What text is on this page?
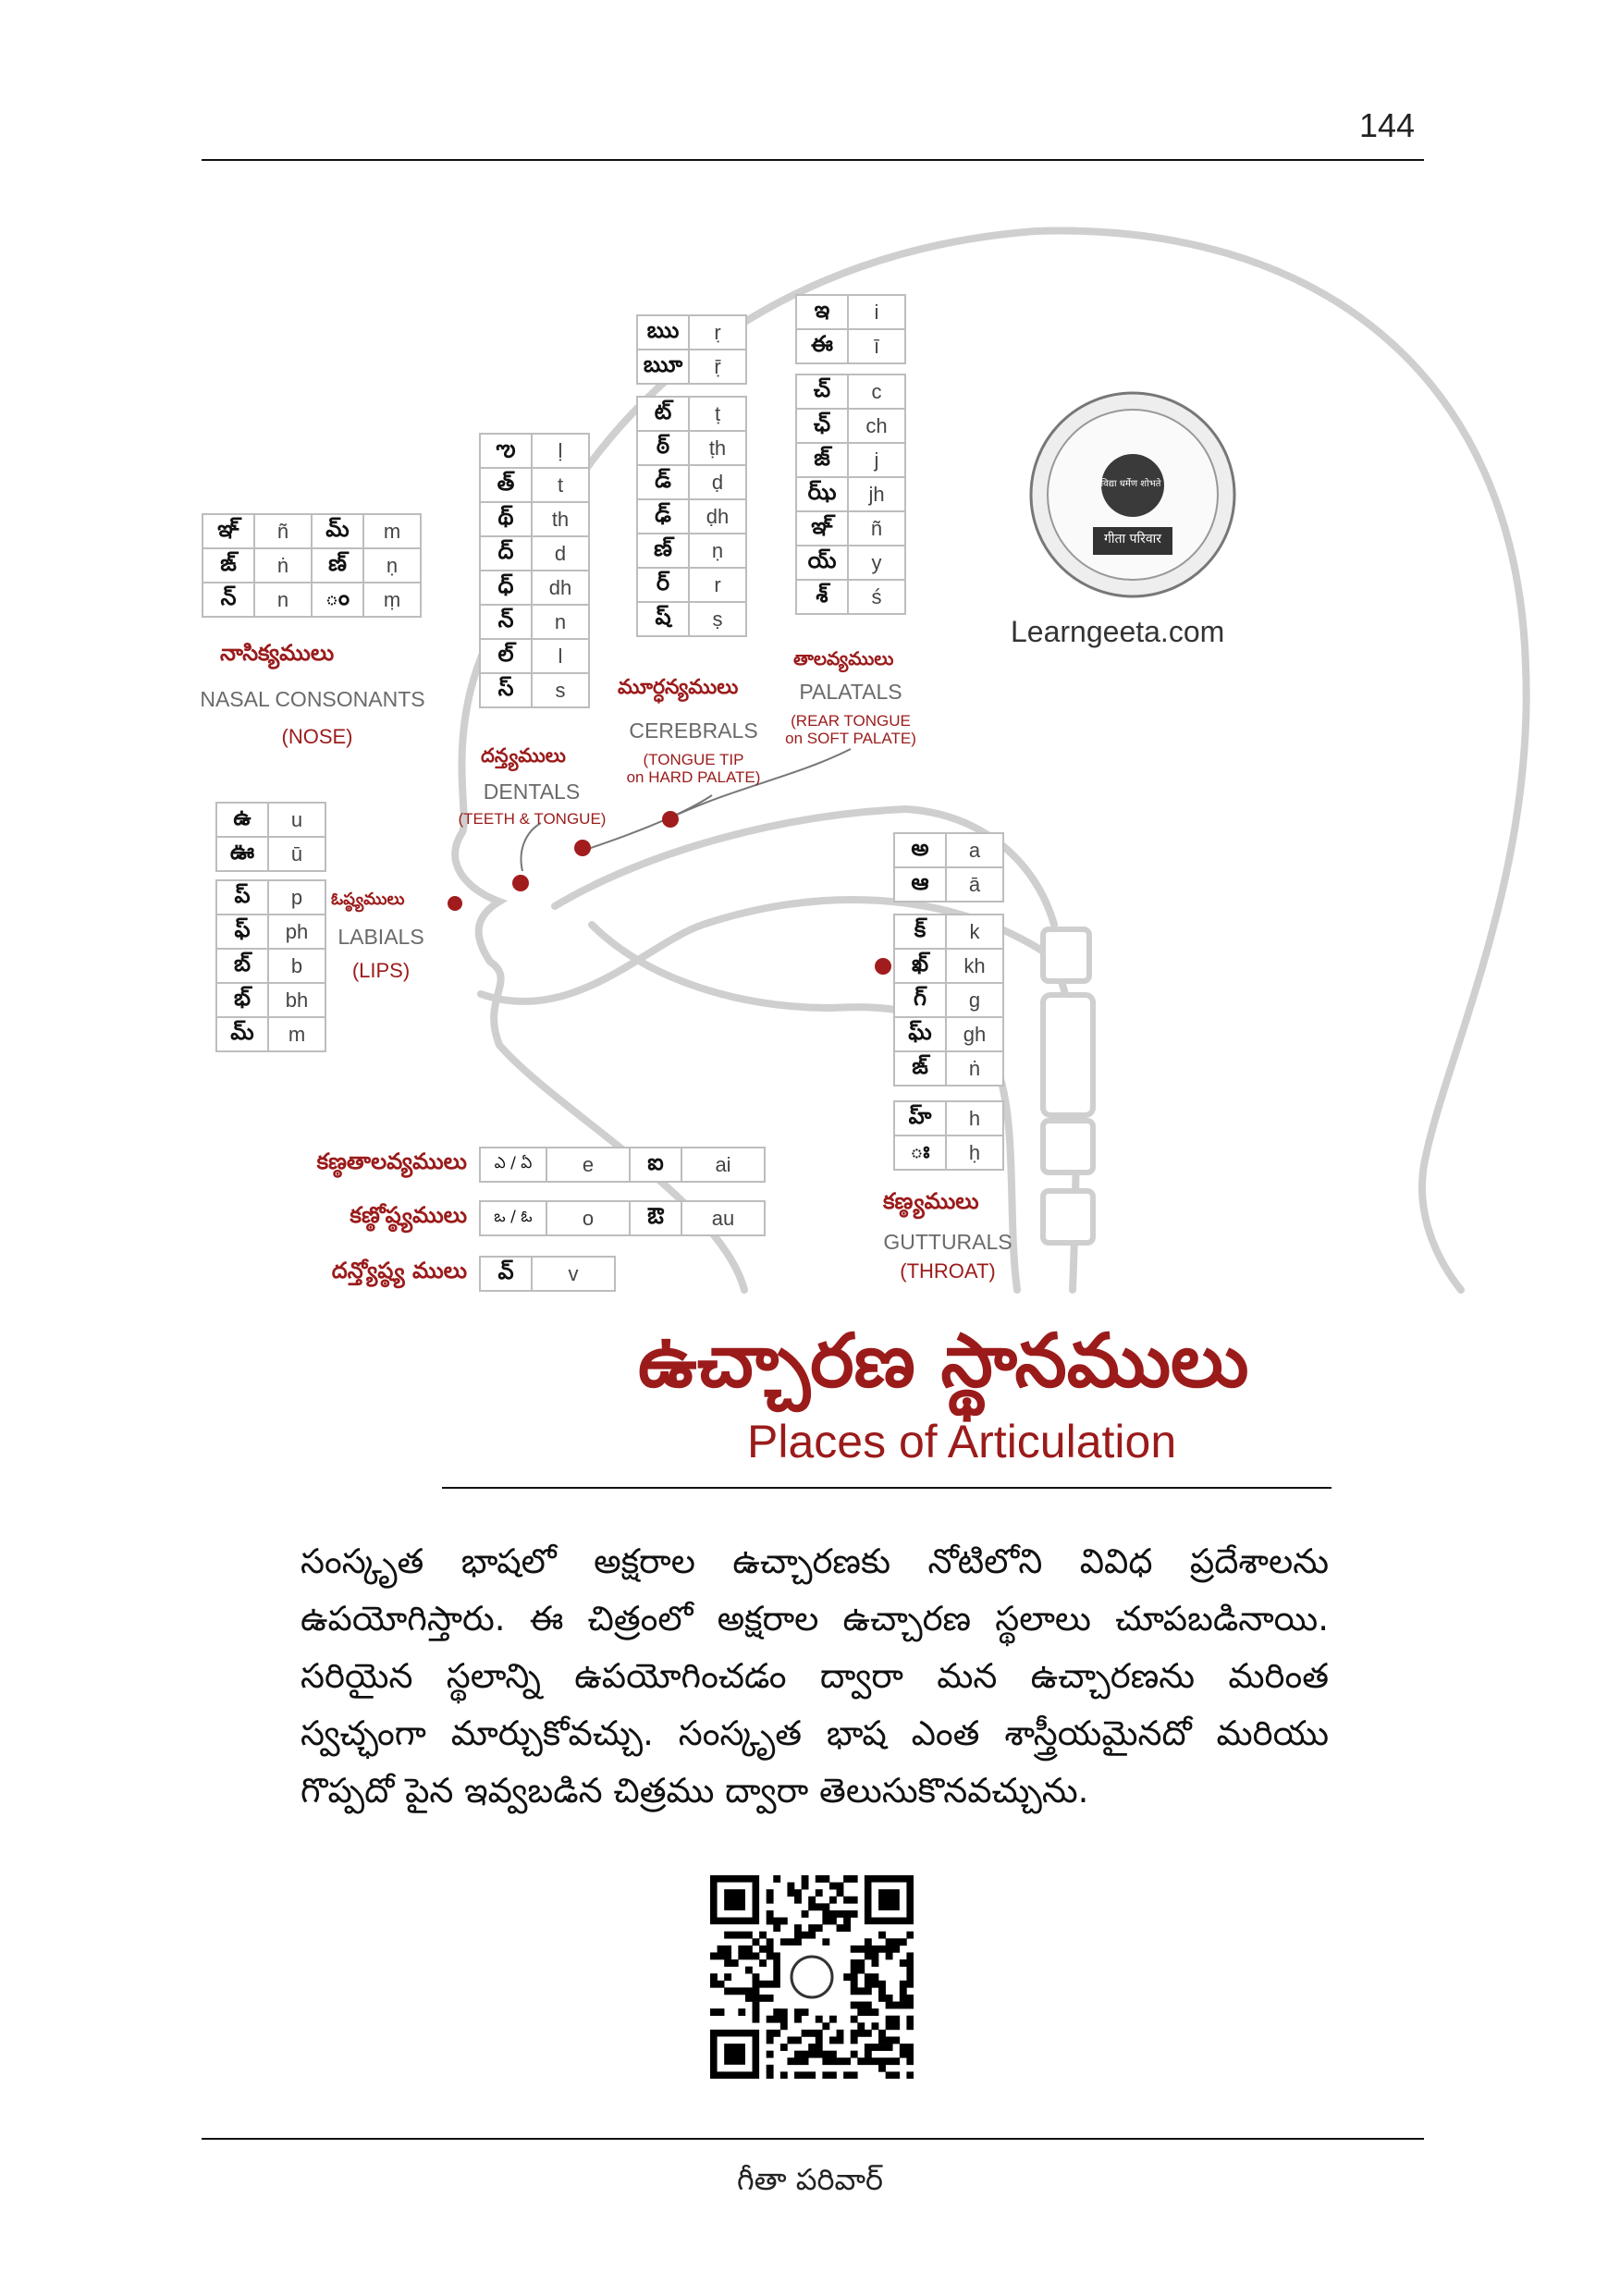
144
विद्या धर्मेण शोभते
गीता परिवार
Learngeeta.com
ఞ్	ñ	మ్	m
ఙ్	ṅ	ణ్	ṇ
న్	n	ం	ṃ
నాసిక్యములు
NASAL CONSONANTS
(NOSE)
ఌ	ḷ
త్	t
థ్	th
ద్	d
ధ్	dh
న్	n
ల్	l
స్	s
దన్త్యములు
DENTALS
(TEETH & TONGUE)
ఋ	ṛ
ౠ	ṝ
ట్	ṭ
ఠ్	ṭh
డ్	ḍ
ఢ్	ḍh
ణ్	ṇ
ర్	r
ష్	ṣ
మూర్ధన్యములు
CEREBRALS
(TONGUE TIP
on HARD PALATE)
ఇ	i
ఈ	ī
చ్	c
ఛ్	ch
జ్	j
ఝ్	jh
ఞ్	ñ
య్	y
శ్	ś
తాలవ్యములు
PALATALS
(REAR TONGUE
on SOFT PALATE)
ఉ	u
ఊ	ū
ప్	p
ఫ్	ph
బ్	b
భ్	bh
మ్	m
ఓష్ఠ్యములు
LABIALS
(LIPS)
అ	a
ఆ	ā
క్	k
ఖ్	kh
గ్	g
ఘ్	gh
ఙ్	ṅ
హ్	h
ః	ḥ
కణ్ఠ్యములు
GUTTURALS
(THROAT)
కణ్ఠతాలవ్యములు ఎ / ఏ	e	ఐ	ai
కణ్ఠోష్ఠ్యములు ఒ / ఓ	o	ఔ	au
దన్త్యోష్ఠ్య ములు వ్	v
ఉచ్చారణ స్థానములు
Places of Articulation
సంస్కృత భాషలో అక్షరాల ఉచ్చారణకు నోటిలోని వివిధ ప్రదేశాలను ఉపయోగిస్తారు. ఈ చిత్రంలో అక్షరాల ఉచ్చారణ స్థలాలు చూపబడినాయి. సరియైన స్థలాన్ని ఉపయోగించడం ద్వారా మన ఉచ్చారణను మరింత స్వచ్ఛంగా మార్చుకోవచ్చు. సంస్కృత భాష ఎంత శాస్త్రీయమైనదో మరియు గొప్పదో పైన ఇవ్వబడిన చిత్రము ద్వారా తెలుసుకొనవచ్చును.
గీతా పరివార్
